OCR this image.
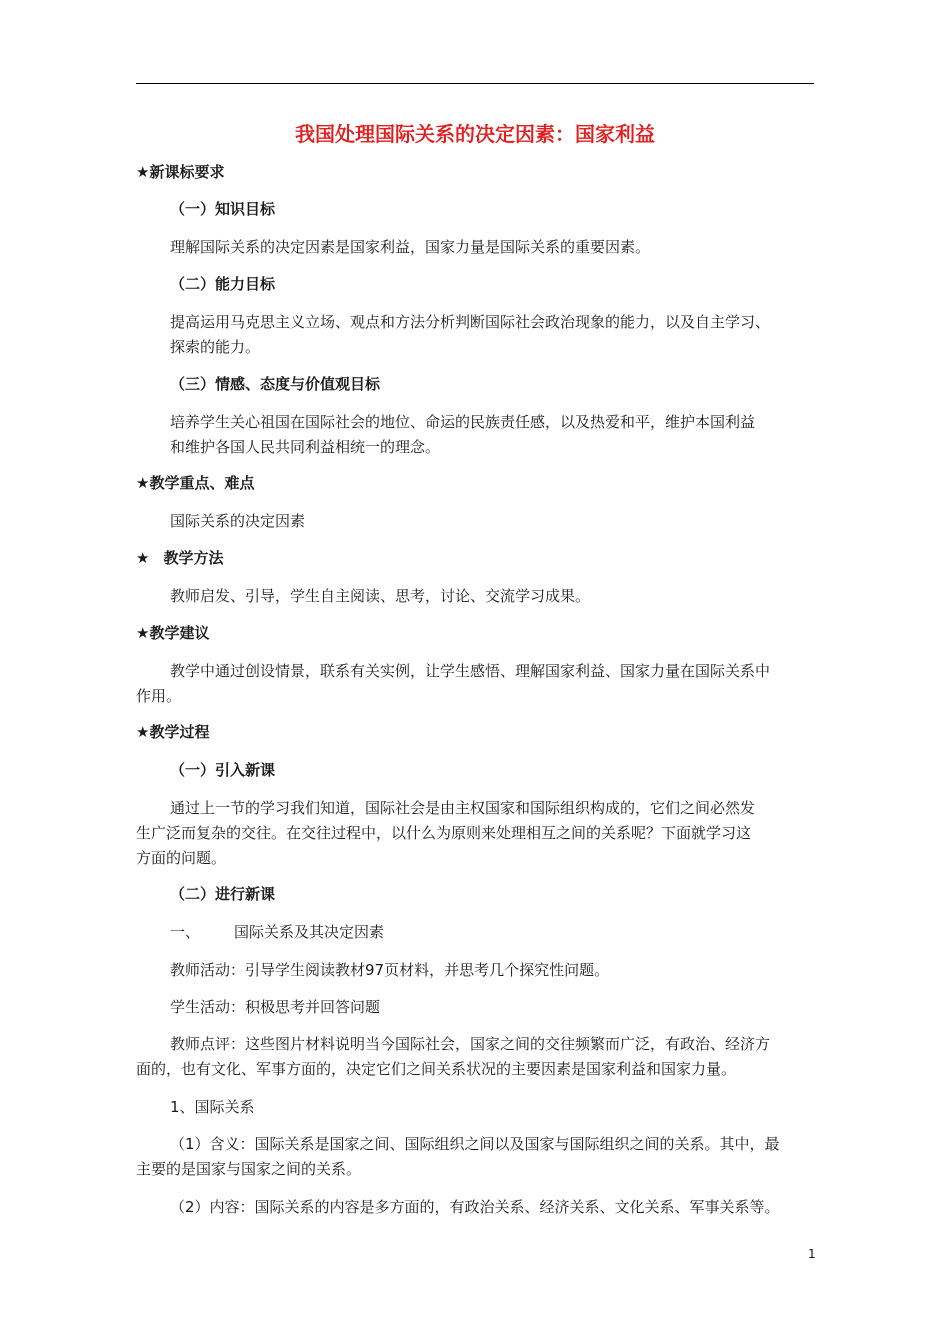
我国处理国际关系的决定因素：国家利益
★新课标要求
（一）知识目标
理解国际关系的决定因素是国家利益，国家力量是国际关系的重要因素。
（二）能力目标
提高运用马克思主义立场、观点和方法分析判断国际社会政治现象的能力，以及自主学习、
探索的能力。
（三）情感、态度与价值观目标
培养学生关心祖国在国际社会的地位、命运的民族责任感，以及热爱和平，维护本国利益
和维护各国人民共同利益相统一的理念。
★教学重点、难点
国际关系的决定因素
★ 教学方法
教师启发、引导，学生自主阅读、思考，讨论、交流学习成果。
★教学建议
教学中通过创设情景，联系有关实例，让学生感悟、理解国家利益、国家力量在国际关系中
作用。
★教学过程
（一）引入新课
通过上一节的学习我们知道，国际社会是由主权国家和国际组织构成的，它们之间必然发
生广泛而复杂的交往。在交往过程中，以什么为原则来处理相互之间的关系呢？下面就学习这
方面的问题。
（二）进行新课
一、 国际关系及其决定因素
教师活动：引导学生阅读教材97页材料，并思考几个探究性问题。
学生活动：积极思考并回答问题
教师点评：这些图片材料说明当今国际社会，国家之间的交往频繁而广泛，有政治、经济方
面的，也有文化、军事方面的，决定它们之间关系状况的主要因素是国家利益和国家力量。
1、国际关系
（1）含义：国际关系是国家之间、国际组织之间以及国家与国际组织之间的关系。其中，最
主要的是国家与国家之间的关系。
（2）内容：国际关系的内容是多方面的，有政治关系、经济关系、文化关系、军事关系等。
1
